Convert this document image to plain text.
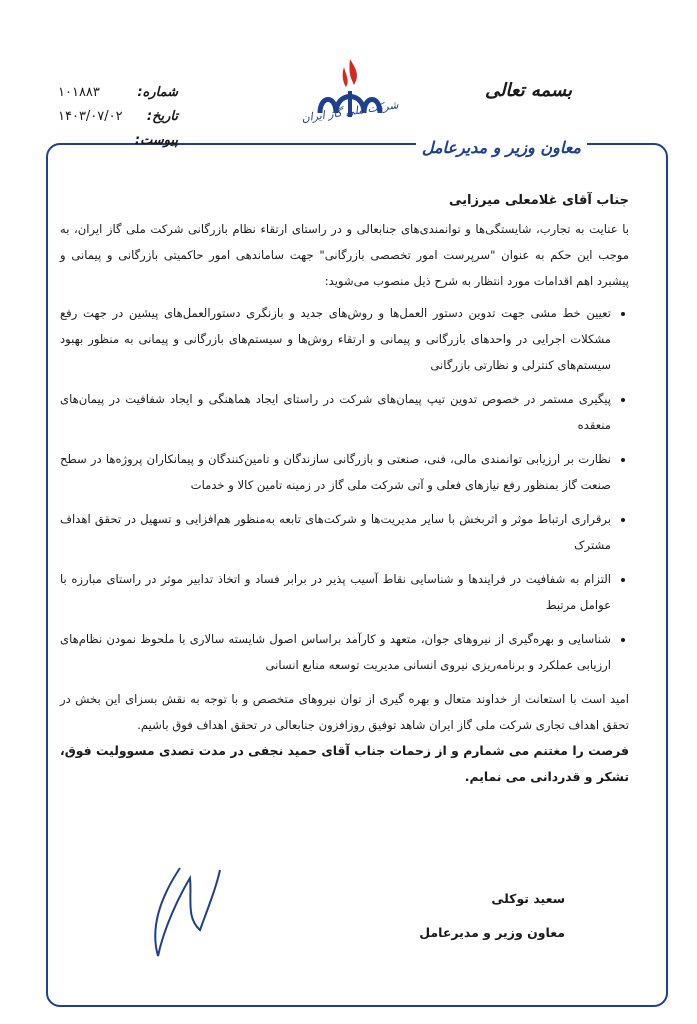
شماره:
۱۰۱۸۸۳
تاریخ:
۱۴۰۳/۰۷/۰۲
پیوست:
شرکت ملی گاز ایران
بسمه تعالی
معاون وزیر و مدیرعامل
جناب آقای غلامعلی میرزایی

با عنایت به تجارب، شایستگی‌ها و توانمندی‌های جنابعالی و در راستای ارتقاء نظام بازرگانی شرکت ملی گاز ایران، به موجب این حکم به عنوان "سرپرست امور تخصصی بازرگانی" جهت ساماندهی امور حاکمیتی بازرگانی و پیمانی و پیشبرد اهم اقدامات مورد انتظار به شرح ذیل منصوب می‌شوید:

• تعیین خط مشی جهت تدوین دستور العمل‌ها و روش‌های جدید و بازنگری دستورالعمل‌های پیشین در جهت رفع مشکلات اجرایی در واحدهای بازرگانی و پیمانی و ارتقاء روش‌ها و سیستم‌های بازرگانی و پیمانی به منظور بهبود سیستم‌های کنترلی و نظارتی بازرگانی
• پیگیری مستمر در خصوص تدوین تیپ پیمان‌های شرکت در راستای ایجاد هماهنگی و ایجاد شفافیت در پیمان‌های منعقده
• نظارت بر ارزیابی توانمندی مالی، فنی، صنعتی و بازرگانی سازندگان و تامین‌کنندگان و پیمانکاران پروژه‌ها در سطح صنعت گاز بمنظور رفع نیازهای فعلی و آتی شرکت ملی گاز در زمینه تامین کالا و خدمات
• برقراری ارتباط موثر و اثربخش با سایر مدیریت‌ها و شرکت‌های تابعه به‌منظور هم‌افزایی و تسهیل در تحقق اهداف مشترک
• التزام به شفافیت در فرایندها و شناسایی نقاط آسیب پذیر در برابر فساد و اتخاذ تدابیر موثر در راستای مبارزه با عوامل مرتبط
• شناسایی و بهره‌گیری از نیروهای جوان، متعهد و کارآمد براساس اصول شایسته سالاری با ملحوظ نمودن نظام‌های ارزیابی عملکرد و برنامه‌ریزی نیروی انسانی مدیریت توسعه منابع انسانی

امید است با استعانت از خداوند متعال و بهره گیری از توان نیروهای متخصص و با توجه به نقش بسزای این بخش در تحقق اهداف تجاری شرکت ملی گاز ایران شاهد توفیق روزافزون جنابعالی در تحقق اهداف فوق باشیم.

فرصت را مغتنم می شمارم و از زحمات جناب آقای حمید نجفی در مدت تصدی مسوولیت فوق، تشکر و قدردانی می نمایم.

سعید توکلی
معاون وزیر و مدیرعامل
